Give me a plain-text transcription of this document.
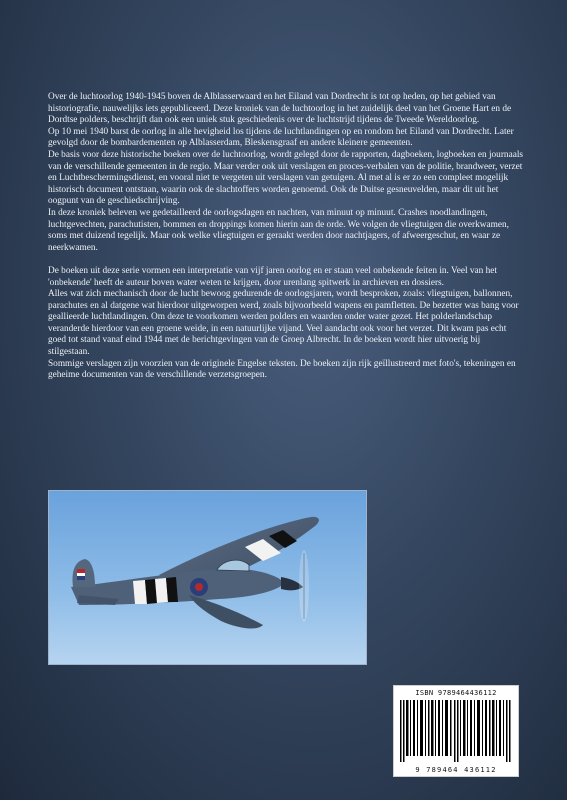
Over de luchtoorlog 1940-1945 boven de Alblasserwaard en het Eiland van Dordrecht is tot op heden, op het gebied van historiografie, nauwelijks iets gepubliceerd. Deze kroniek van de luchtoorlog in het zuidelijk deel van het Groene Hart en de Dordtse polders, beschrijft dan ook een uniek stuk geschiedenis over de luchtstrijd tijdens de Tweede Wereldoorlog.

Op 10 mei 1940 barst de oorlog in alle hevigheid los tijdens de luchtlandingen op en rondom het Eiland van Dordrecht. Later gevolgd door de bombardementen op Alblasserdam, Bleskensgraaf en andere kleinere gemeenten.

De basis voor deze historische boeken over de luchtoorlog, wordt gelegd door de rapporten, dagboeken, logboeken en journaals van de verschillende gemeenten in de regio. Maar verder ook uit verslagen en proces-verbalen van de politie, brandweer, verzet en Luchtbeschermingsdienst, en vooral niet te vergeten uit verslagen van getuigen. Al met al is er zo een compleet mogelijk historisch document ontstaan, waarin ook de slachtoffers worden genoemd. Ook de Duitse gesneuvelden, maar dit uit het oogpunt van de geschiedschrijving.

In deze kroniek beleven we gedetailleerd de oorlogsdagen en nachten, van minuut op minuut. Crashes noodlandingen, luchtgevechten, parachutisten, bommen en droppings komen hierin aan de orde. We volgen de vliegtuigen die overkwamen, soms met duizend tegelijk. Maar ook welke vliegtuigen er geraakt werden door nachtjagers, of afweergeschut, en waar ze neerkwamen.

De boeken uit deze serie vormen een interpretatie van vijf jaren oorlog en er staan veel onbekende feiten in. Veel van het 'onbekende' heeft de auteur boven water weten te krijgen, door urenlang spitwerk in archieven en dossiers.

Alles wat zich mechanisch door de lucht bewoog gedurende de oorlogsjaren, wordt besproken, zoals: vliegtuigen, ballonnen, parachutes en al datgene wat hierdoor uitgeworpen werd, zoals bijvoorbeeld wapens en pamfletten. De bezetter was bang voor geallieerde luchtlandingen. Om deze te voorkomen werden polders en waarden onder water gezet. Het polderlandschap veranderde hierdoor van een groene weide, in een natuurlijke vijand. Veel aandacht ook voor het verzet. Dit kwam pas echt goed tot stand vanaf eind 1944 met de berichtgevingen van de Groep Albrecht. In de boeken wordt hier uitvoerig bij stilgestaan.

Sommige verslagen zijn voorzien van de originele Engelse teksten. De boeken zijn rijk geïllustreerd met foto's, tekeningen en geheime documenten van de verschillende verzetsgroepen.

ISBN 9789464436112
9 789464 436112
